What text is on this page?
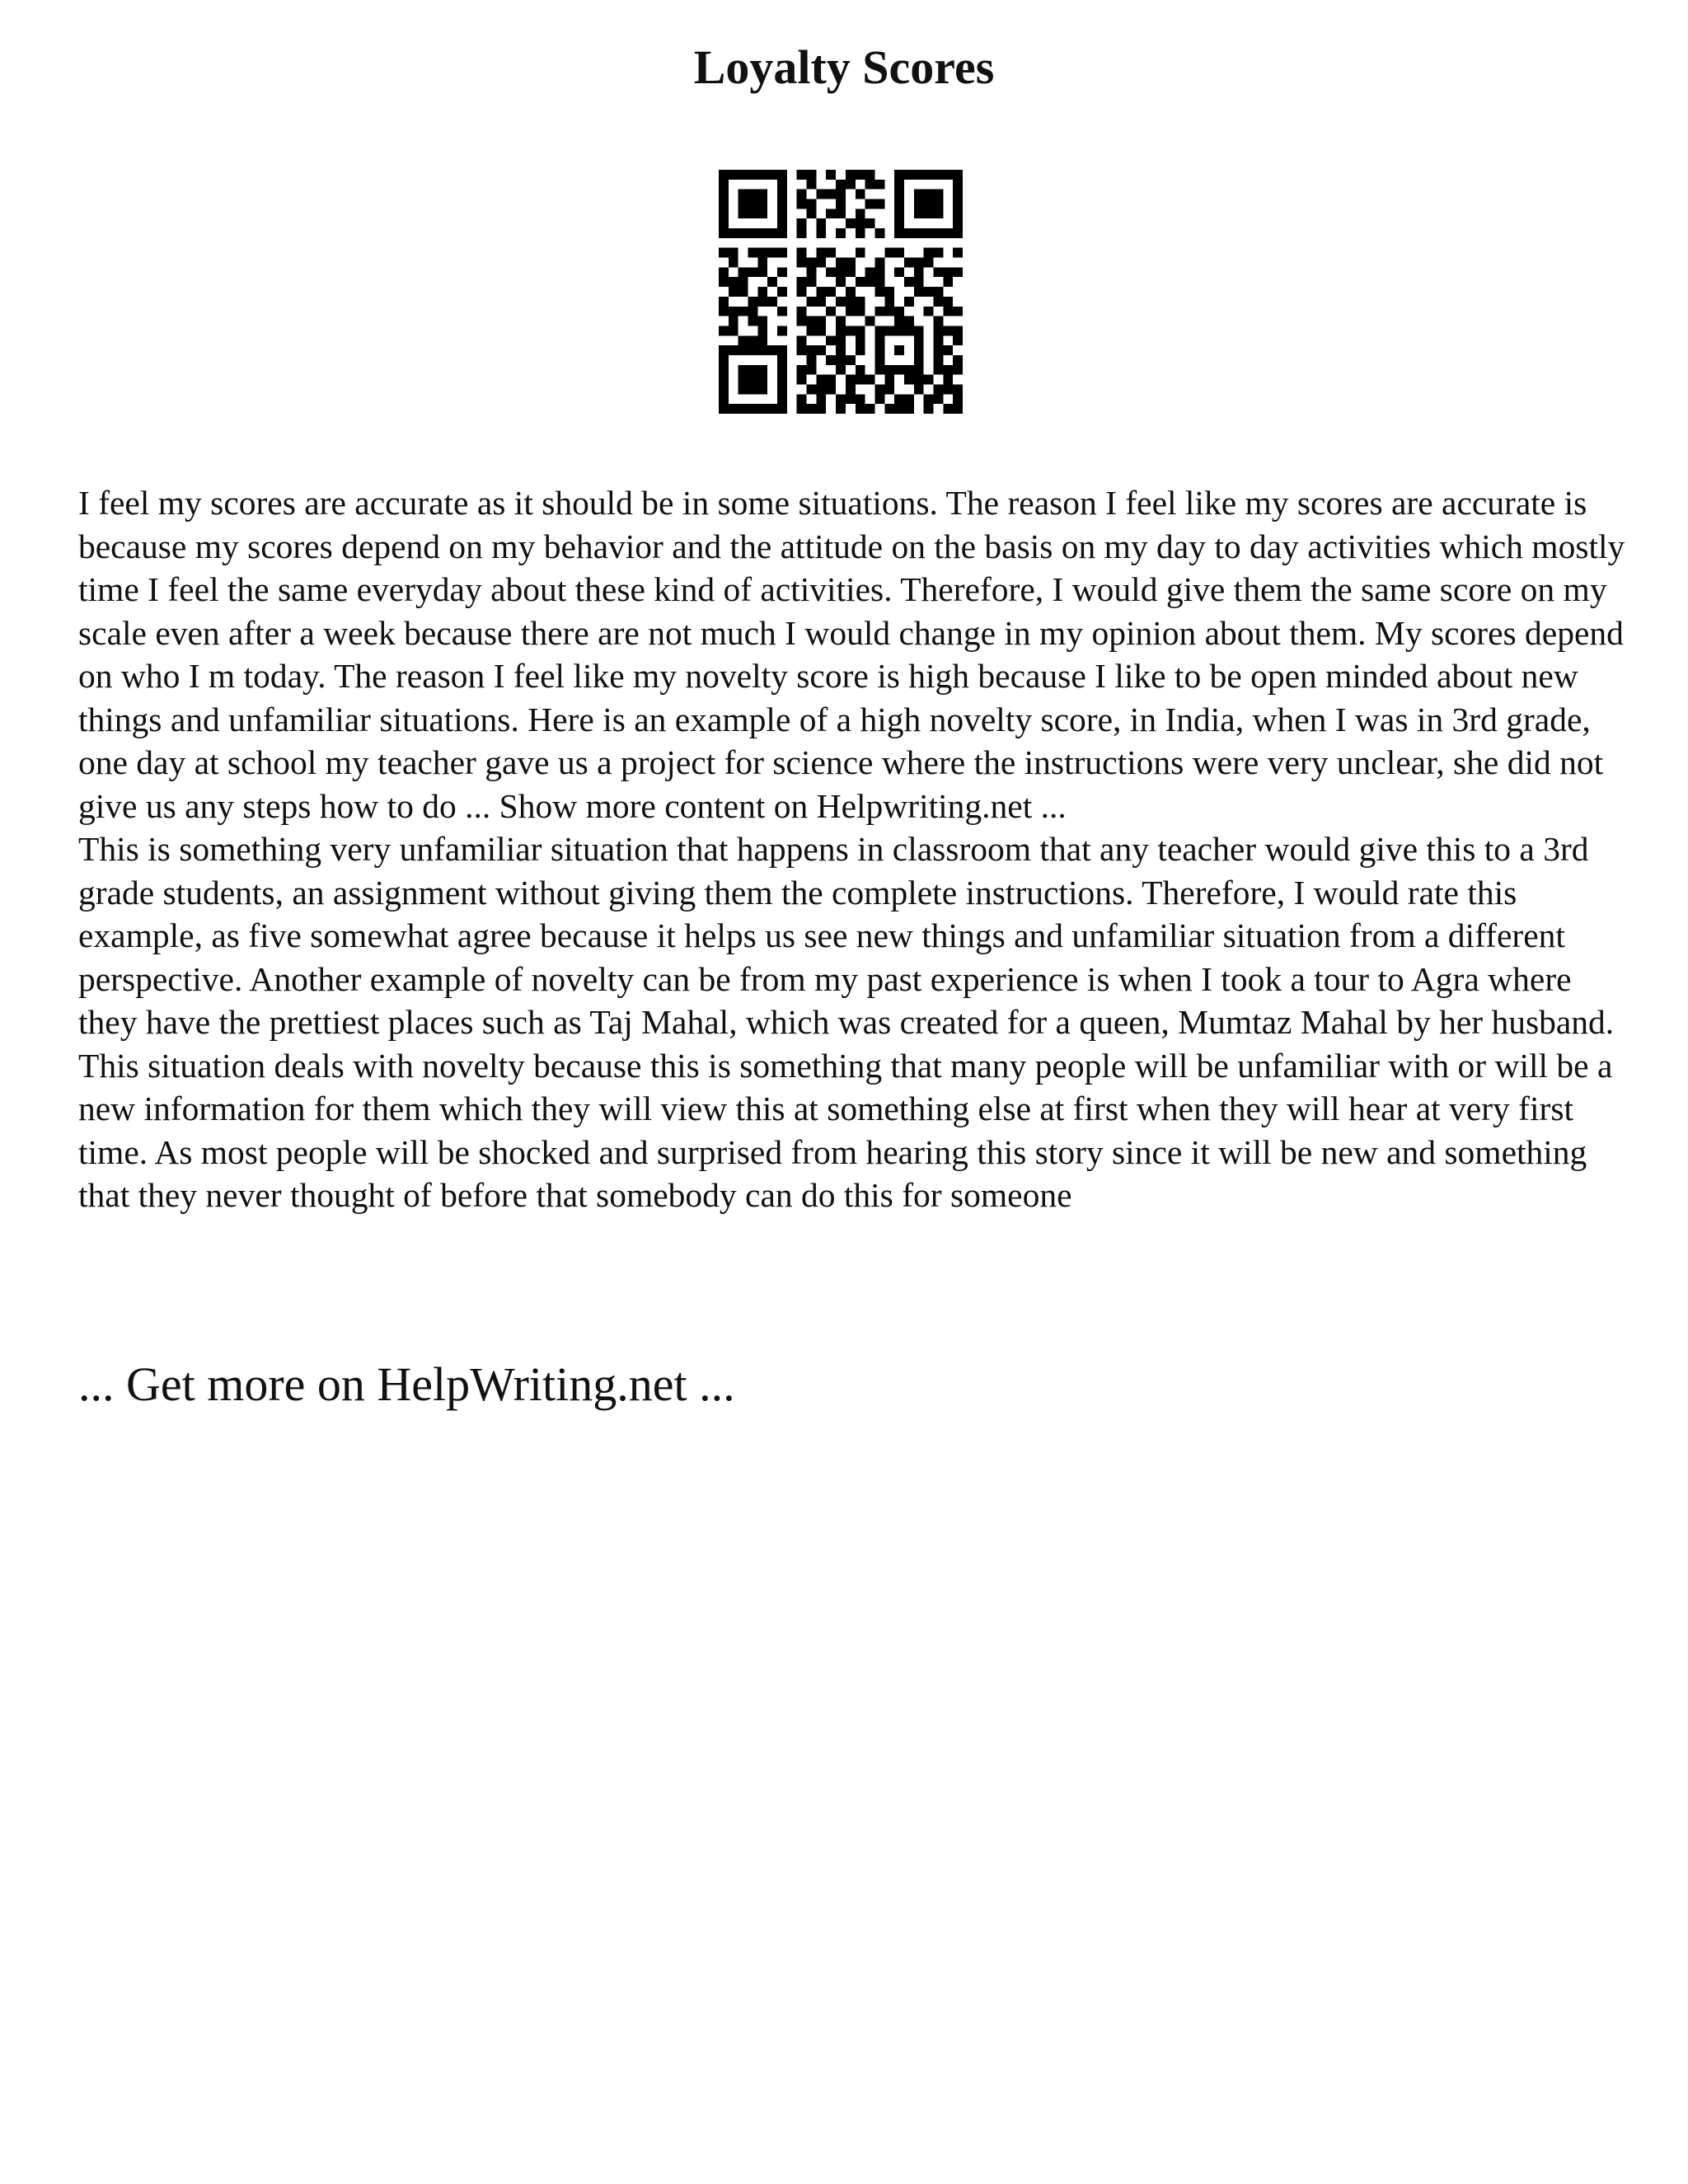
Loyalty Scores

I feel my scores are accurate as it should be in some situations. The reason I feel like my scores are accurate is because my scores depend on my behavior and the attitude on the basis on my day to day activities which mostly time I feel the same everyday about these kind of activities. Therefore, I would give them the same score on my scale even after a week because there are not much I would change in my opinion about them. My scores depend on who I m today. The reason I feel like my novelty score is high because I like to be open minded about new things and unfamiliar situations. Here is an example of a high novelty score, in India, when I was in 3rd grade, one day at school my teacher gave us a project for science where the instructions were very unclear, she did not give us any steps how to do ... Show more content on Helpwriting.net ...

This is something very unfamiliar situation that happens in classroom that any teacher would give this to a 3rd grade students, an assignment without giving them the complete instructions. Therefore, I would rate this example, as five somewhat agree because it helps us see new things and unfamiliar situation from a different perspective. Another example of novelty can be from my past experience is when I took a tour to Agra where they have the prettiest places such as Taj Mahal, which was created for a queen, Mumtaz Mahal by her husband. This situation deals with novelty because this is something that many people will be unfamiliar with or will be a new information for them which they will view this at something else at first when they will hear at very first time. As most people will be shocked and surprised from hearing this story since it will be new and something that they never thought of before that somebody can do this for someone

... Get more on HelpWriting.net ...
